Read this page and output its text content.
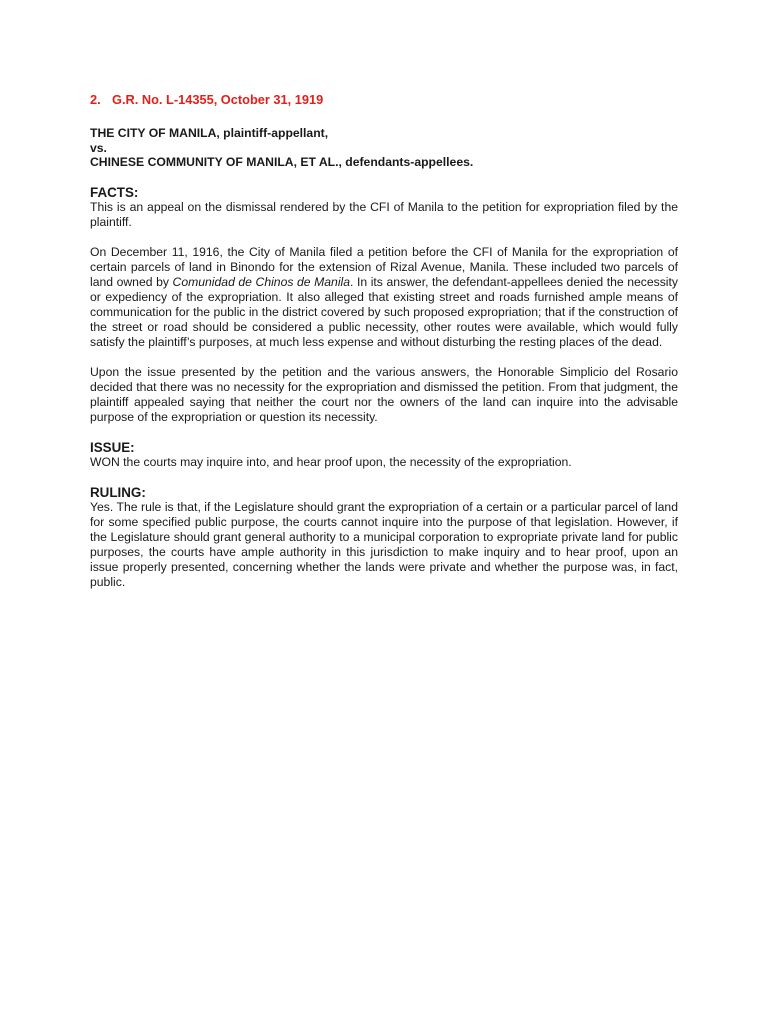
2. G.R. No. L-14355, October 31, 1919
THE CITY OF MANILA, plaintiff-appellant,
vs.
CHINESE COMMUNITY OF MANILA, ET AL., defendants-appellees.
FACTS:

This is an appeal on the dismissal rendered by the CFI of Manila to the petition for expropriation filed by the plaintiff.

On December 11, 1916, the City of Manila filed a petition before the CFI of Manila for the expropriation of certain parcels of land in Binondo for the extension of Rizal Avenue, Manila. These included two parcels of land owned by Comunidad de Chinos de Manila. In its answer, the defendant-appellees denied the necessity or expediency of the expropriation. It also alleged that existing street and roads furnished ample means of communication for the public in the district covered by such proposed expropriation; that if the construction of the street or road should be considered a public necessity, other routes were available, which would fully satisfy the plaintiff’s purposes, at much less expense and without disturbing the resting places of the dead.

Upon the issue presented by the petition and the various answers, the Honorable Simplicio del Rosario decided that there was no necessity for the expropriation and dismissed the petition. From that judgment, the plaintiff appealed saying that neither the court nor the owners of the land can inquire into the advisable purpose of the expropriation or question its necessity.

ISSUE:

WON the courts may inquire into, and hear proof upon, the necessity of the expropriation.

RULING:

Yes. The rule is that, if the Legislature should grant the expropriation of a certain or a particular parcel of land for some specified public purpose, the courts cannot inquire into the purpose of that legislation. However, if the Legislature should grant general authority to a municipal corporation to expropriate private land for public purposes, the courts have ample authority in this jurisdiction to make inquiry and to hear proof, upon an issue properly presented, concerning whether the lands were private and whether the purpose was, in fact, public.
